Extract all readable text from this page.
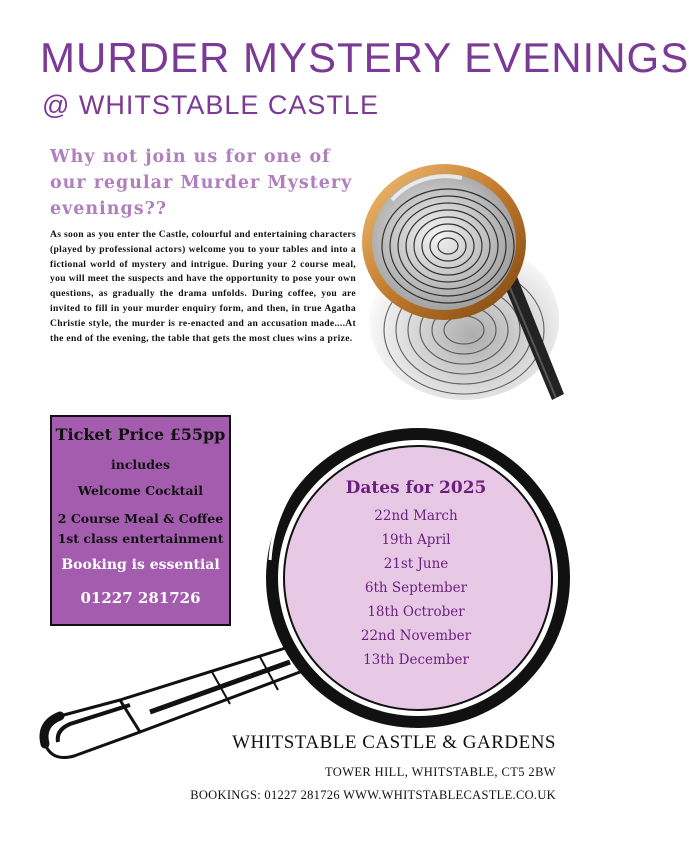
MURDER MYSTERY EVENINGS
@ WHITSTABLE CASTLE

Why not join us for one of our regular Murder Mystery evenings??

As soon as you enter the Castle, colourful and entertaining characters (played by professional actors) welcome you to your tables and into a fictional world of mystery and intrigue. During your 2 course meal, you will meet the suspects and have the opportunity to pose your own questions, as gradually the drama unfolds. During coffee, you are invited to fill in your murder enquiry form, and then, in true Agatha Christie style, the murder is re-enacted and an accusation made....At the end of the evening, the table that gets the most clues wins a prize.

Ticket Price £55pp

includes

Welcome Cocktail

2 Course Meal & Coffee

1st class entertainment

Booking is essential

01227 281726

Dates for 2025

22nd March
19th April
21st June
6th September
18th Octrober
22nd November
13th December

WHITSTABLE CASTLE & GARDENS

TOWER HILL, WHITSTABLE, CT5 2BW

BOOKINGS: 01227 281726 WWW.WHITSTABLECASTLE.CO.UK
